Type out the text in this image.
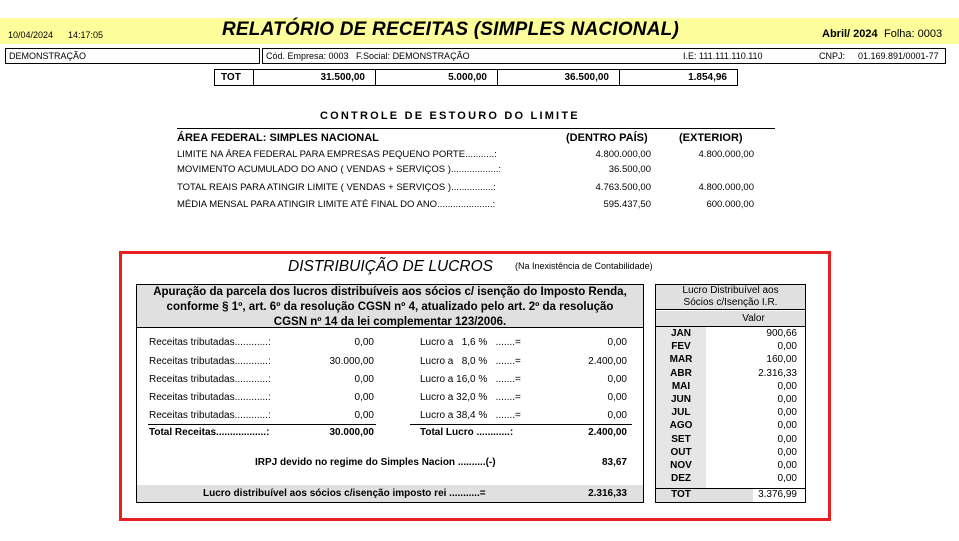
10/04/2024 14:17:05	RELATÓRIO DE RECEITAS (SIMPLES NACIONAL)	Abril/ 2024 Folha: 0003
DEMONSTRAÇÃO	Cód. Empresa: 0003   F.Social: DEMONSTRAÇÃO	I.E: 111.111.110.110	CNPJ: 01.169.891/0001-77
TOT	31.500,00	5.000,00	36.500,00	1.854,96
CONTROLE DE ESTOURO DO LIMITE
ÁREA FEDERAL: SIMPLES NACIONAL	(DENTRO PAÍS)	(EXTERIOR)
LIMITE NA ÁREA FEDERAL PARA EMPRESAS PEQUENO PORTE...........:	4.800.000,00	4.800.000,00
MOVIMENTO ACUMULADO DO ANO ( VENDAS + SERVIÇOS )..................:	36.500,00
TOTAL REAIS PARA ATINGIR LIMITE ( VENDAS + SERVIÇOS )................:	4.763.500,00	4.800.000,00
MÉDIA MENSAL PARA ATINGIR LIMITE ATÉ FINAL DO ANO.....................:	595.437,50	600.000,00
DISTRIBUIÇÃO DE LUCROS (Na Inexistência de Contabilidade)
Apuração da parcela dos lucros distribuíveis aos sócios c/ isenção do Imposto Renda,
conforme § 1º, art. 6º da resolução CGSN nº 4, atualizado pelo art. 2º da resolução
CGSN nº 14 da lei complementar 123/2006.
Receitas tributadas............:	0,00	Lucro a   1,6 %   .......=	0,00
Receitas tributadas............:	30.000,00	Lucro a   8,0 %   .......=	2.400,00
Receitas tributadas............:	0,00	Lucro a 16,0 %   .......=	0,00
Receitas tributadas............:	0,00	Lucro a 32,0 %   .......=	0,00
Receitas tributadas............:	0,00	Lucro a 38,4 %   .......=	0,00
Total Receitas..................:	30.000,00	Total Lucro ............:	2.400,00
IRPJ devido no regime do Simples Nacion ..........(-)	83,67
Lucro distribuível aos sócios c/isenção imposto rei ...........=	2.316,33
Lucro Distribuível aos
Sócios c/Isenção I.R.
Valor
JAN	900,66
FEV	0,00
MAR	160,00
ABR	2.316,33
MAI	0,00
JUN	0,00
JUL	0,00
AGO	0,00
SET	0,00
OUT	0,00
NOV	0,00
DEZ	0,00
TOT	3.376,99
